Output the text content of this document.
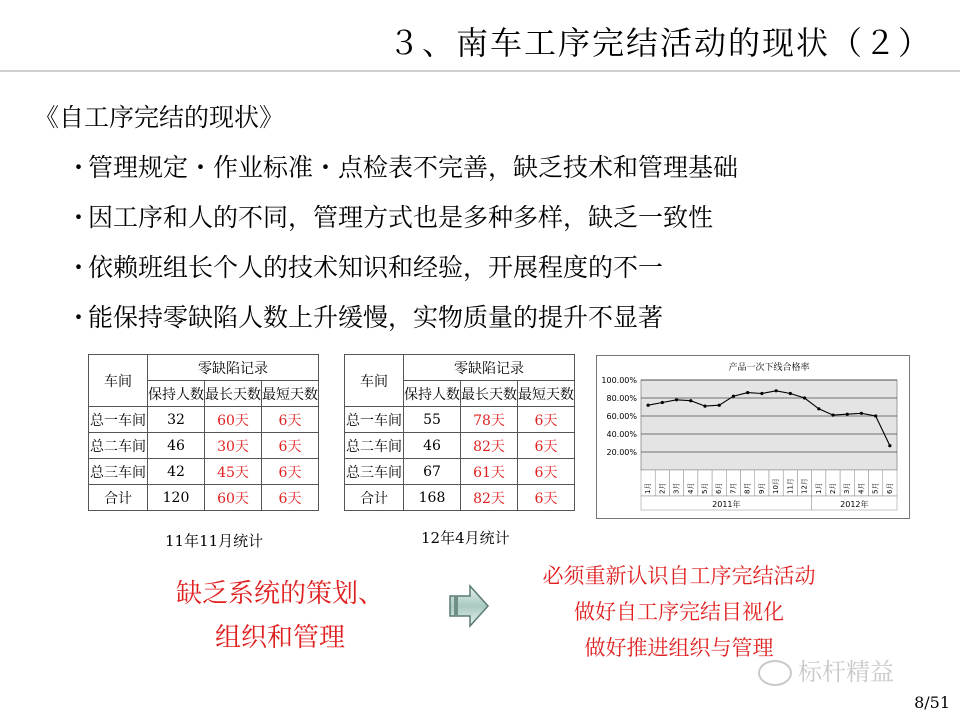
３、南车工序完结活动的现状（２）
《自工序完结的现状》
・管理规定・作业标准・点检表不完善，缺乏技术和管理基础
・因工序和人的不同，管理方式也是多种多样，缺乏一致性
・依赖班组长个人的技术知识和经验，开展程度的不一
・能保持零缺陷人数上升缓慢，实物质量的提升不显著
车间	零缺陷记录		
	保持人数	最长天数	最短天数
总一车间	32	60天	6天
总二车间	46	30天	6天
总三车间	42	45天	6天
合计	120	60天	6天
11年11月统计
车间	零缺陷记录		
	保持人数	最长天数	最短天数
总一车间	55	78天	6天
总二车间	46	82天	6天
总三车间	67	61天	6天
合计	168	82天	6天
12年4月统计
产品一次下线合格率
100.00%
80.00%
60.00%
40.00%
20.00%
1月 2月 3月 4月 5月 6月 7月 8月 9月 10月 11月 12月 1月 2月 3月 4月 5月 6月
2011年	2012年
缺乏系统的策划、
组织和管理
必须重新认识自工序完结活动
做好自工序完结目视化
做好推进组织与管理
标杆精益
8/51
